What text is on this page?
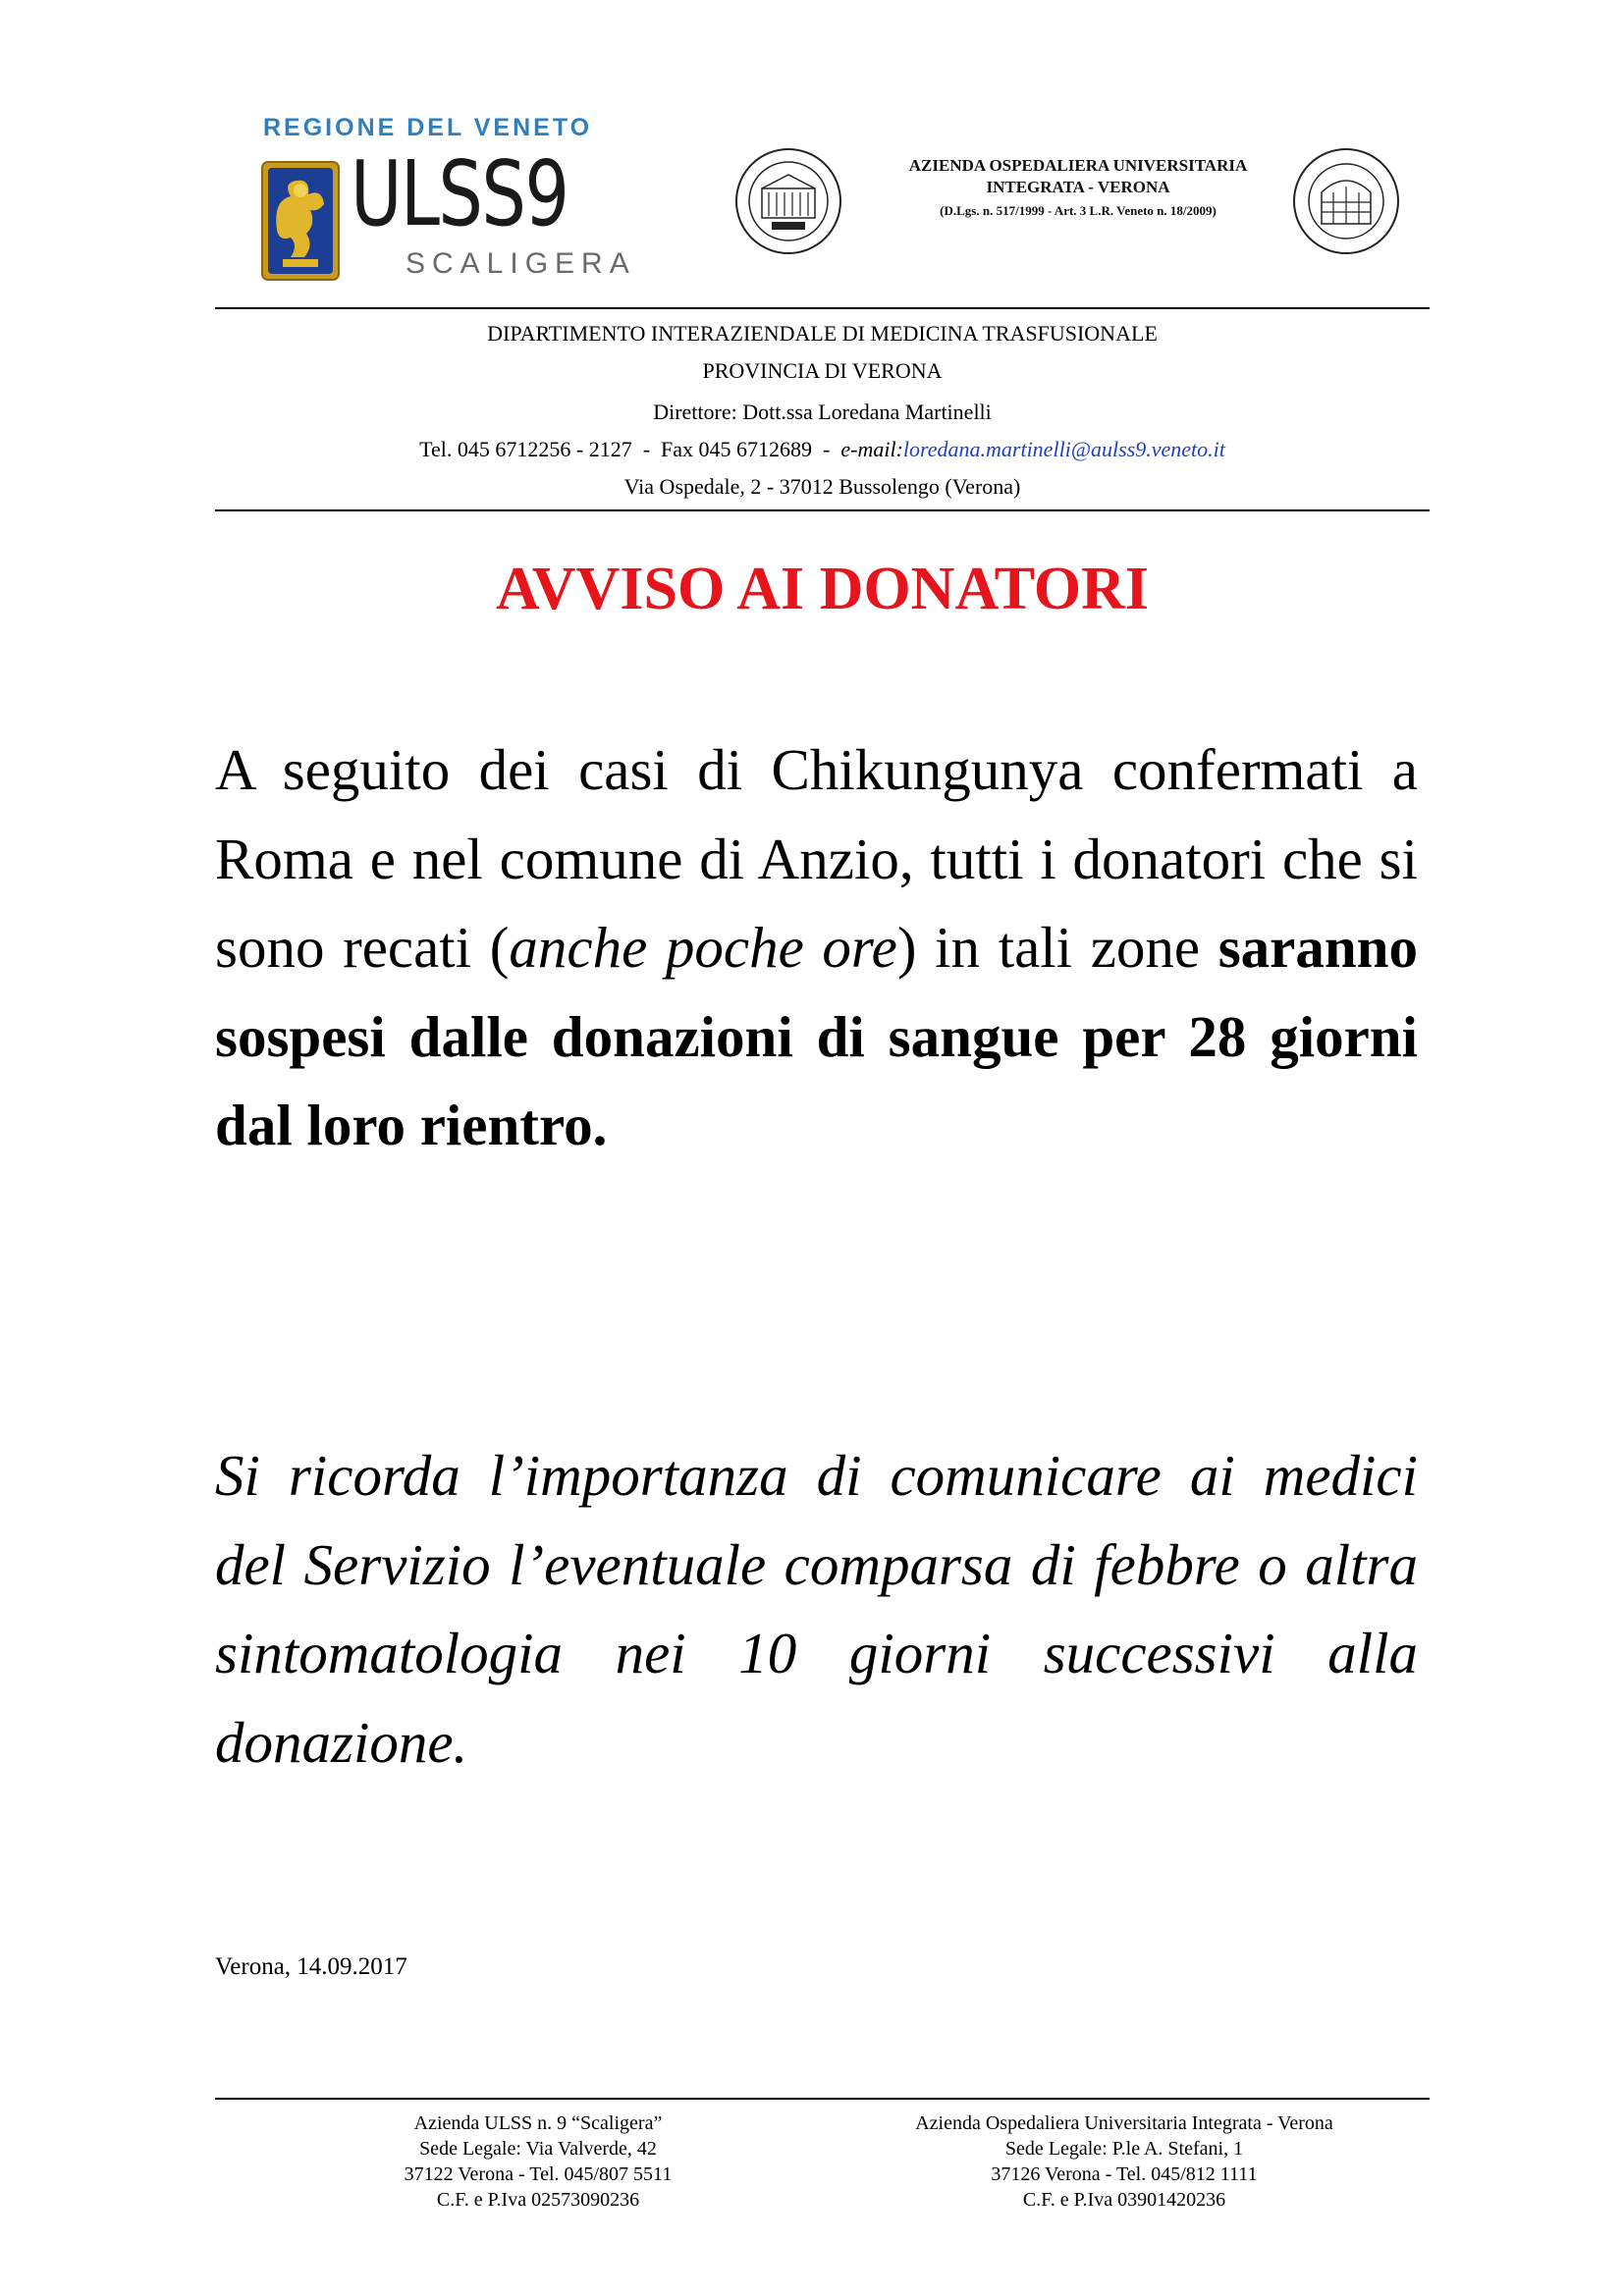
REGIONE DEL VENETO
ULSS9
SCALIGERA
AZIENDA OSPEDALIERA UNIVERSITARIA
INTEGRATA - VERONA
(D.Lgs. n. 517/1999 - Art. 3 L.R. Veneto n. 18/2009)
DIPARTIMENTO INTERAZIENDALE DI MEDICINA TRASFUSIONALE
PROVINCIA DI VERONA
Direttore: Dott.ssa Loredana Martinelli
Tel. 045 6712256 - 2127  -  Fax 045 6712689  -  e-mail:loredana.martinelli@aulss9.veneto.it
Via Ospedale, 2 - 37012 Bussolengo (Verona)
AVVISO AI DONATORI
A seguito dei casi di Chikungunya confermati a Roma e nel comune di Anzio, tutti i donatori che si sono recati (anche poche ore) in tali zone saranno sospesi dalle donazioni di sangue per 28 giorni dal loro rientro.
Si ricorda l’importanza di comunicare ai medici del Servizio l’eventuale comparsa di febbre o altra sintomatologia nei 10 giorni successivi alla donazione.
Verona, 14.09.2017
Azienda ULSS n. 9 “Scaligera”
Sede Legale: Via Valverde, 42
37122 Verona - Tel. 045/807 5511
C.F. e P.Iva 02573090236
Azienda Ospedaliera Universitaria Integrata - Verona
Sede Legale: P.le A. Stefani, 1
37126 Verona - Tel. 045/812 1111
C.F. e P.Iva 03901420236
